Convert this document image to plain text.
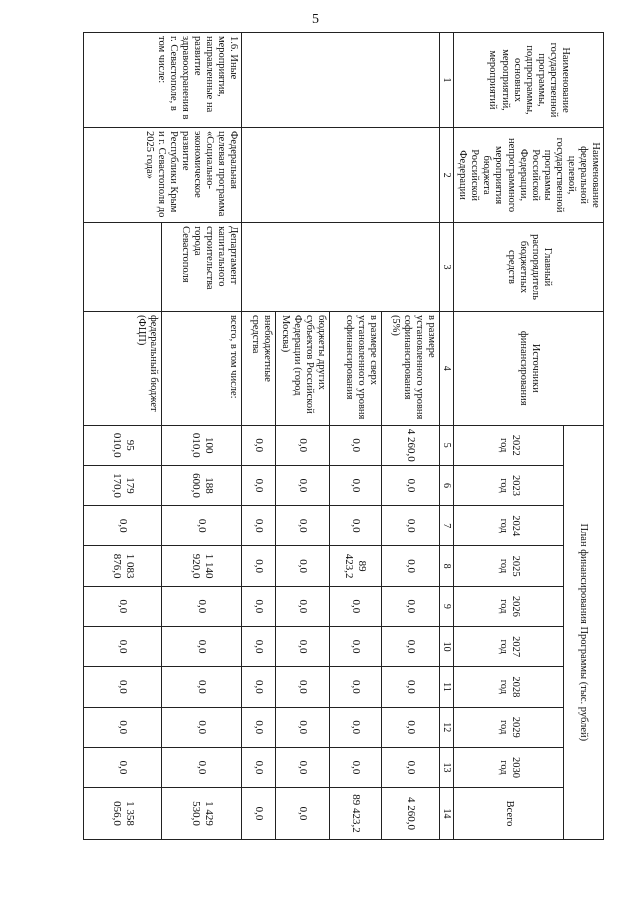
5
Наименование государственной программы, подпрограммы, основных мероприятий, мероприятий	Наименование федеральной целевой, государственной программы Российской Федерации, непрограммного мероприятия бюджета Российской Федерации	Главный распорядитель бюджетных средств	Источники финансирования	План финансирования Программы (тыс. рублей)									
				2022 год	2023 год	2024 год	2025 год	2026 год	2027 год	2028 год	2029 год	2030 год	Всего
1	2	3	4	5	6	7	8	9	10	11	12	13	14
			в размере установленного уровня софинансирования (5%)	4 260,0	0,0	0,0	0,0	0,0	0,0	0,0	0,0	0,0	4 260,0
			в размере сверх установленного уровня софинансирования	0,0	0,0	0,0	89 423,2	0,0	0,0	0,0	0,0	0,0	89 423,2
			бюджеты других субъектов Российской Федерации (город Москва)	0,0	0,0	0,0	0,0	0,0	0,0	0,0	0,0	0,0	0,0
			внебюджетные средства	0,0	0,0	0,0	0,0	0,0	0,0	0,0	0,0	0,0	0,0
1.6. Иные мероприятия, направленные на развитие здравоохранения в г. Севастополе, в том числе:	Федеральная целевая программа «Социально-экономическое развитие Республики Крым и г. Севастополя до 2025 года»	Департамент капитального строительства города Севастополя	всего, в том числе:	100 010,0	188 600,0	0,0	1 140 920,0	0,0	0,0	0,0	0,0	0,0	1 429 530,0
			федеральный бюджет (ФЦП)	95 010,0	179 170,0	0,0	1 083 876,0	0,0	0,0	0,0	0,0	0,0	1 358 056,0
